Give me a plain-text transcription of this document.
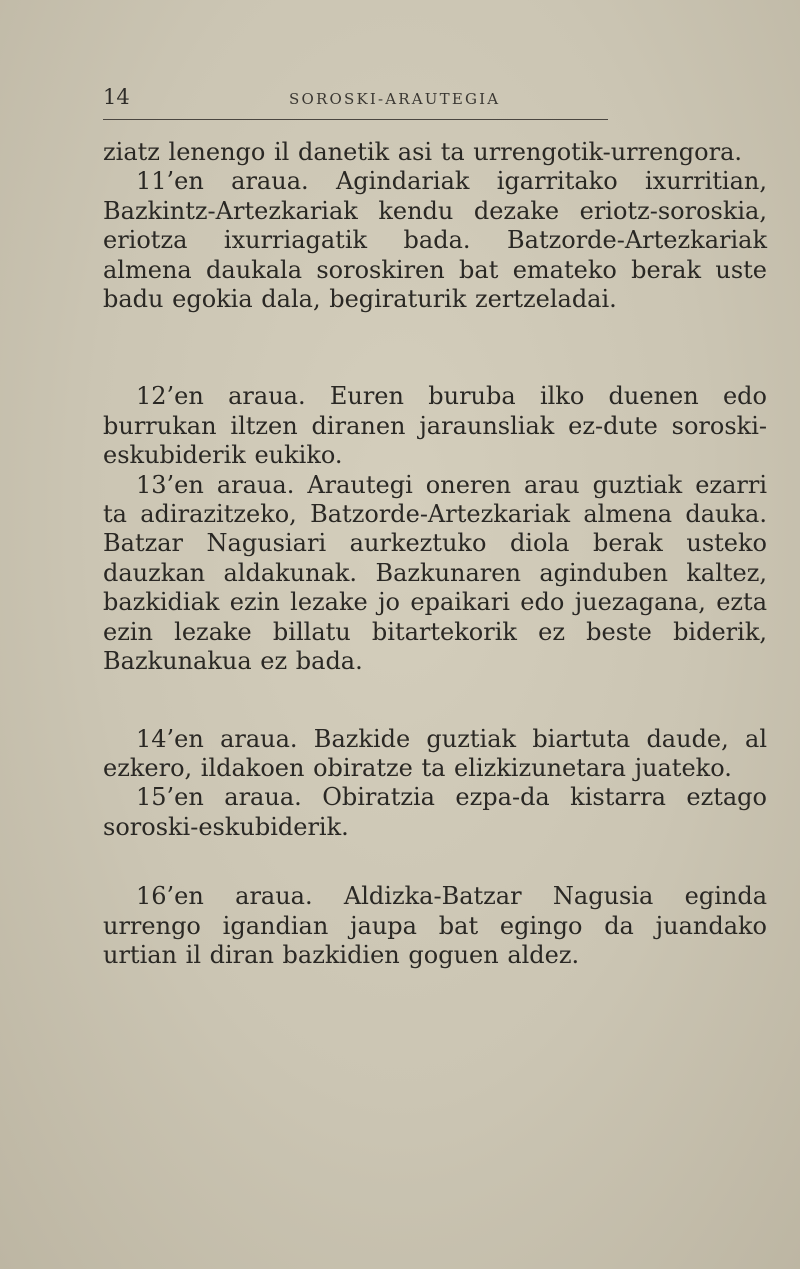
14	SOROSKI-ARAUTEGIA

ziatz lenengo il danetik asi ta urrengotik-urrengora.

11’en araua. Agindariak igarritako ixurritian, Bazkintz-Artezkariak kendu dezake eriotz-soroskia, eriotza ixurriagatik bada. Batzorde-Artezkariak almena daukala soroskiren bat emateko berak uste badu egokia dala, begiraturik zertzeladai.

12’en araua. Euren buruba ilko duenen edo burrukan iltzen diranen jaraunsliak ez-dute soroski-eskubiderik eukiko.

13’en araua. Arautegi oneren arau guztiak ezarri ta adirazitzeko, Batzorde-Artezkariak almena dauka. Batzar Nagusiari aurkeztuko diola berak usteko dauzkan aldakunak. Bazkunaren aginduben kaltez, bazkidiak ezin lezake jo epaikari edo juezagana, ezta ezin lezake billatu bitartekorik ez beste biderik, Bazkunakua ez bada.

14’en araua. Bazkide guztiak biartuta daude, al ezkero, ildakoen obiratze ta elizkizunetara juateko.

15’en araua. Obiratzia ezpa-da kistarra eztago soroski-eskubiderik.

16’en araua. Aldizka-Batzar Nagusia egindа urrengo igandian jaupa bat egingo da juandako urtian il diran bazkidien goguen aldez.
